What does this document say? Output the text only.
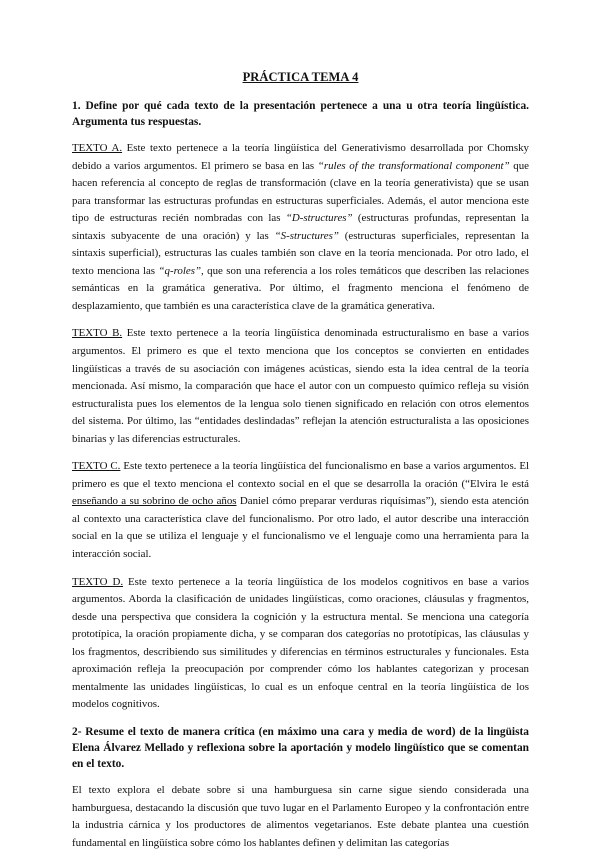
PRÁCTICA TEMA 4
1. Define por qué cada texto de la presentación pertenece a una u otra teoría lingüística. Argumenta tus respuestas.
TEXTO A. Este texto pertenece a la teoría lingüística del Generativismo desarrollada por Chomsky debido a varios argumentos. El primero se basa en las “rules of the transformational component” que hacen referencia al concepto de reglas de transformación (clave en la teoría generativista) que se usan para transformar las estructuras profundas en estructuras superficiales. Además, el autor menciona este tipo de estructuras recién nombradas con las “D-structures” (estructuras profundas, representan la sintaxis subyacente de una oración) y las “S-structures” (estructuras superficiales, representan la sintaxis superficial), estructuras las cuales también son clave en la teoría mencionada. Por otro lado, el texto menciona las “q-roles”, que son una referencia a los roles temáticos que describen las relaciones semánticas en la gramática generativa. Por último, el fragmento menciona el fenómeno de desplazamiento, que también es una característica clave de la gramática generativa.
TEXTO B. Este texto pertenece a la teoría lingüística denominada estructuralismo en base a varios argumentos. El primero es que el texto menciona que los conceptos se convierten en entidades lingüísticas a través de su asociación con imágenes acústicas, siendo esta la idea central de la teoría mencionada. Así mismo, la comparación que hace el autor con un compuesto químico refleja su visión estructuralista pues los elementos de la lengua solo tienen significado en relación con otros elementos del sistema. Por último, las “entidades deslindadas” reflejan la atención estructuralista a las oposiciones binarias y las diferencias estructurales.
TEXTO C. Este texto pertenece a la teoría lingüística del funcionalismo en base a varios argumentos. El primero es que el texto menciona el contexto social en el que se desarrolla la oración (“Elvira le está enseñando a su sobrino de ocho años Daniel cómo preparar verduras riquísimas”), siendo esta atención al contexto una característica clave del funcionalismo. Por otro lado, el autor describe una interacción social en la que se utiliza el lenguaje y el funcionalismo ve el lenguaje como una herramienta para la interacción social.
TEXTO D. Este texto pertenece a la teoría lingüística de los modelos cognitivos en base a varios argumentos. Aborda la clasificación de unidades lingüísticas, como oraciones, cláusulas y fragmentos, desde una perspectiva que considera la cognición y la estructura mental. Se menciona una categoría prototípica, la oración propiamente dicha, y se comparan dos categorías no prototípicas, las cláusulas y los fragmentos, describiendo sus similitudes y diferencias en términos estructurales y funcionales. Esta aproximación refleja la preocupación por comprender cómo los hablantes categorizan y procesan mentalmente las unidades lingüísticas, lo cual es un enfoque central en la teoría lingüística de los modelos cognitivos.
2- Resume el texto de manera crítica (en máximo una cara y media de word) de la lingüista Elena Álvarez Mellado y reflexiona sobre la aportación y modelo lingüístico que se comentan en el texto.
El texto explora el debate sobre si una hamburguesa sin carne sigue siendo considerada una hamburguesa, destacando la discusión que tuvo lugar en el Parlamento Europeo y la confrontación entre la industria cárnica y los productores de alimentos vegetarianos. Este debate plantea una cuestión fundamental en lingüística sobre cómo los hablantes definen y delimitan las categorías
